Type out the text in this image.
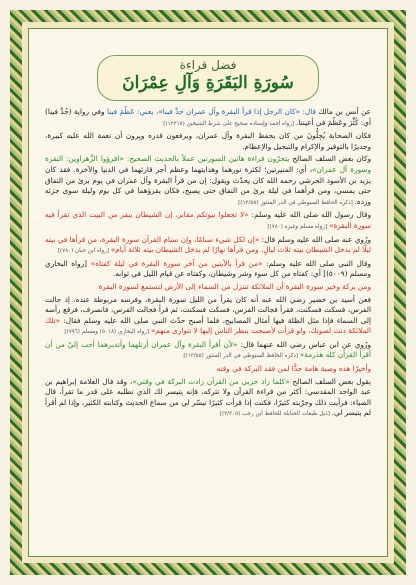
فضل قراءة
سُورَةِ البَقَرَةِ وَآلِ عِمْرَانَ

عن أنس بن مالك قال: «كان الرجل إذا قرأ البقرة وآل عمران جدَّ فينا»، يعني: عَظُمَ فينا وفي رواية (جُدَّ فينا) أي: كُثِّرَ وعَظُمَ في أعيننا. [رواه أحمد وإسناده صحيح على شرط الشيخين (١٢٢١٥)]

فكان الصحابة يُجِلُّونَ من كان يحفظ البقرة وآل عمران، ويرفعون قدره ويرون أن نعمة الله عليه كبيرة، وجديرًا بالتوقير والإكرام والتبجيل والإعظام.

وكان بعض السلف الصالح يتحرّون قراءة هاتين السورتين عملاً بالحديث الصحيح: «اقرؤوا الزَّهراوين: البقرة وسورة آل عمران»، أي: المنيرتين؛ لكثرة نورهما وهدايتهما وعظم أجر قارئهما في الدنيا والآخرة. فقد كان يزيد بن الأسود الجرشي رحمه الله كان يحدّث ويقول: إن من قرأ البقرة وآل عمران في يوم برئ من النفاق حتى يمسي، ومن قرأهما في ليلة برئ من النفاق حتى يصبح، فكان يقرؤهما في كل يوم وليلة سوى جزئه ورده. [ذكره الحافظ السيوطي في الدر المنثور (١٢/٥٥)]

وقال رسول الله صلى الله عليه وسلم: «لا تجعلوا بيوتكم مقابر، إن الشيطان ينفر من البيت الذي تقرأ فيه سورة البقرة» [رواه مسلم وغيره (٧٨٠)]

ورُوي عنه صلى الله عليه وسلم قال: «إن لكل شيء سنامًا، وإن سنام القرآن سورة البقرة، من قرأها في بيته ليلًا لم يدخل الشيطان بيته ثلاث ليالٍ، ومن قرأها نهارًا لم يدخل الشيطان بيته ثلاثة أيام» [رواه ابن حبان (٧٨٠)]

وقال النبي صلى الله عليه وسلم: «من قرأ بالآيتين من آخر سورة البقرة في ليلة كفتاه» [رواه البخاري ومسلم (٥٠٠٩)] أي: كفتاه من كل سوء وشر وشيطان، وكفتاه عن قيام الليل في ثوابه.

ومن بركة وخير سورة البقرة أن الملائكة تتنزل من السماء إلى الأرض لتستمع لسورة البقرة

فعن أسيد بن حضير رضي الله عنه أنه كان يقرأ من الليل سورة البقرة، وفرسه مربوطة عنده، إذ جالت الفرس، فسكت فسكنت، فقرأ فجالت الفرس، فسكت فسكنت، ثم قرأ فجالت الفرس، فانصرف، فرفع رأسه إلى السماء فإذا مثل الظلة فيها أمثال المصابيح، فلما أصبح حدّث النبي صلى الله عليه وسلم فقال: «تلك الملائكة دنت لصوتك، ولو قرأت لأصبحت ينظر الناس إليها لا تتوارى منهم» [رواه البخاري (٥٠١٨) ومسلم (٧٩٦)]

ورُوي عن ابن عباس رضي الله عنهما قال: «لأن أقرأ البقرة وآل عمران أرتلهما وأتدبرهما أحب إليّ من أن أقرأ القرآن كله هذرمة» [ذكره الحافظ السيوطي في الدر المنثور (١٢/٥٥)]

وأخيرًا هذه وصية هامة جدًّا لمن فقد البركة في وقته

يقول بعض السلف الصالح «كلما زاد حزبي من القرآن زادت البركة في وقتي»، وقد قال العلامة إبراهيم بن عبد الواحد المقدسي: أكثر من قراءة القرآن ولا تتركه، فإنه يتيسر لك الذي تطلبه على قدر ما تقرأ، قال الضياء: فرأيت ذلك وجرّبته كثيرًا، فكنت إذا قرأت كثيرًا تيسّر لي من سماع الحديث وكتابته الكثير، وإذا لم أقرأ لم يتيسر لي. [ذيل طبقات الحنابلة للحافظ ابن رجب (٢/٢٠٥)]
